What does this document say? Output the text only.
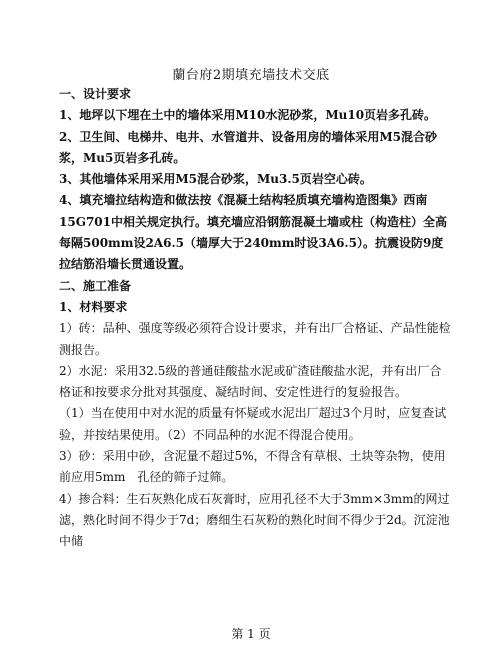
蘭台府2期填充墙技术交底

一、设计要求

1、地坪以下埋在土中的墙体采用M10水泥砂浆，Mu10页岩多孔砖。

2、卫生间、电梯井、电井、水管道井、设备用房的墙体采用M5混合砂浆，Mu5页岩多孔砖。

3、其他墙体采用采用M5混合砂浆，Mu3.5页岩空心砖。

4、填充墙拉结构造和做法按《混凝土结构轻质填充墙构造图集》西南15G701中相关规定执行。填充墙应沿钢筋混凝土墙或柱（构造柱）全高每隔500mm设2A6.5（墙厚大于240mm时设3A6.5）。抗震设防9度拉结筋沿墙长贯通设置。

二、施工准备

1、材料要求

1）砖：品种、强度等级必须符合设计要求，并有出厂合格证、产品性能检测报告。

2）水泥：采用32.5级的普通硅酸盐水泥或矿渣硅酸盐水泥，并有出厂合格证和按要求分批对其强度、凝结时间、安定性进行的复验报告。

（1）当在使用中对水泥的质量有怀疑或水泥出厂超过3个月时，应复查试验，并按结果使用。（2）不同品种的水泥不得混合使用。

3）砂：采用中砂，含泥量不超过5%，不得含有草根、土块等杂物，使用前应用5mm　孔径的筛子过筛。

4）掺合料：生石灰熟化成石灰膏时，应用孔径不大于3mm×3mm的网过滤，熟化时间不得少于7d；磨细生石灰粉的熟化时间不得少于2d。沉淀池中储

第 1 页
